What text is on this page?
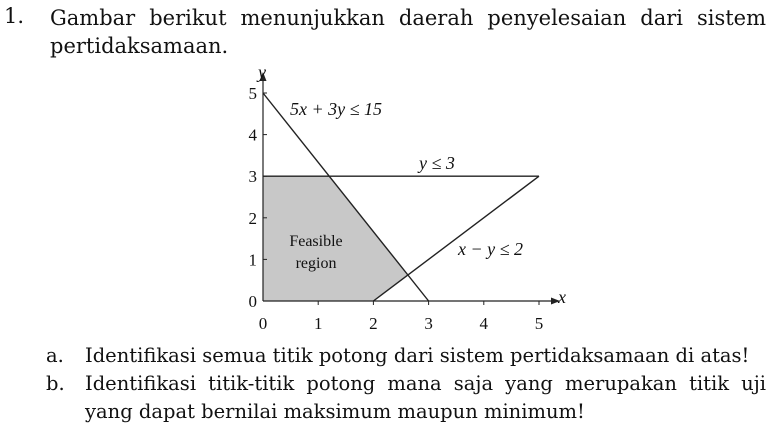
1. Gambar berikut menunjukkan daerah penyelesaian dari sistem pertidaksamaan.

0	1	2	3	4	5
0
1
2
3
4
5
x
y
5x + 3y ≤ 15
y ≤ 3
x − y ≤ 2
Feasible
region
a. Identifikasi semua titik potong dari sistem pertidaksamaan di atas!
b. Identifikasi titik-titik potong mana saja yang merupakan titik uji yang dapat bernilai maksimum maupun minimum!
